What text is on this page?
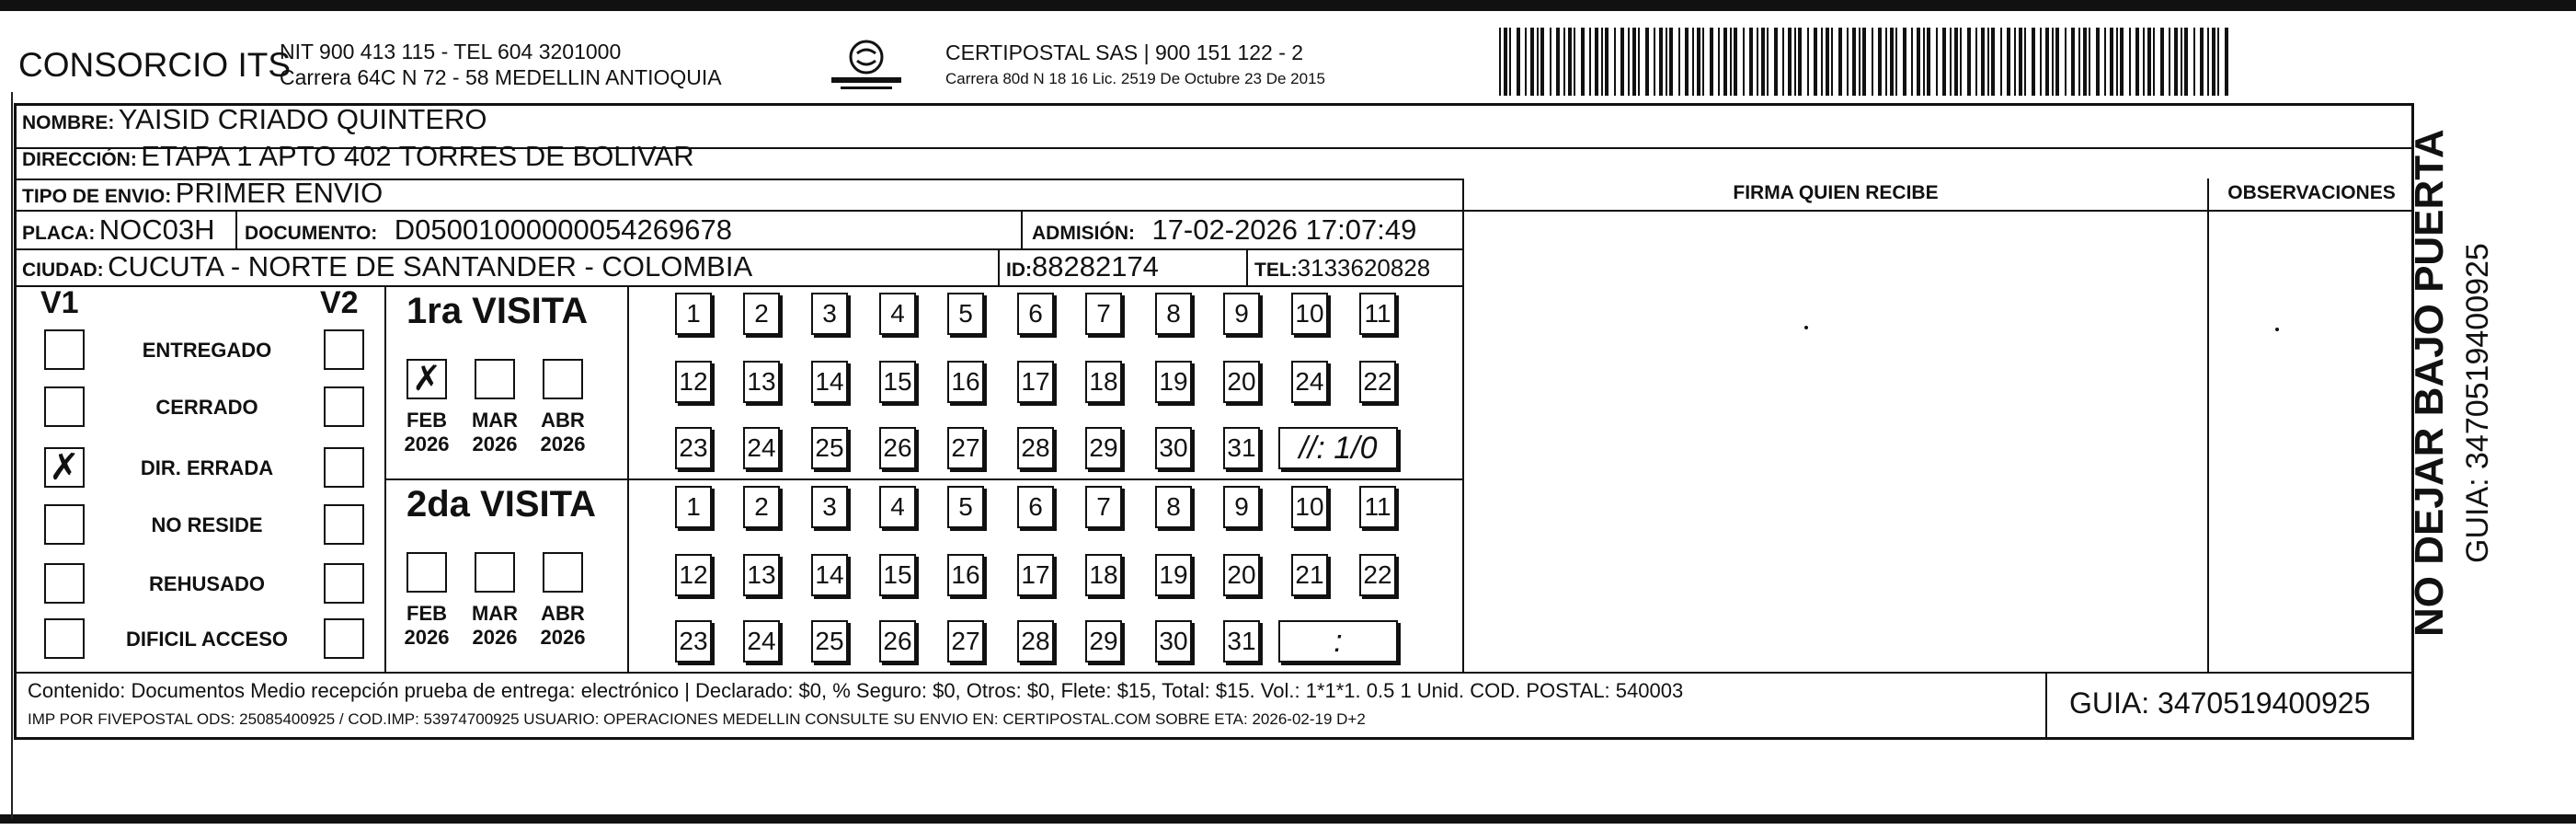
CONSORCIO ITS
NIT 900 413 115 - TEL 604 3201000
Carrera 64C N 72 - 58 MEDELLIN ANTIOQUIA
CERTIPOSTAL SAS | 900 151 122 - 2
Carrera 80d N 18 16 Lic. 2519 De Octubre 23 De 2015
NOMBRE: YAISID CRIADO QUINTERO
DIRECCIÓN: ETAPA 1 APTO 402 TORRES DE BOLIVAR
TIPO DE ENVIO: PRIMER ENVIO	FIRMA QUIEN RECIBE	OBSERVACIONES
PLACA: NOC03H DOCUMENTO: D05001000000054269678	ADMISIÓN: 17-02-2026 17:07:49
CIUDAD: CUCUTA - NORTE DE SANTANDER - COLOMBIA	ID:88282174	TEL:3133620828
V1	V2
ENTREGADO
CERRADO
✗	DIR. ERRADA
NO RESIDE
REHUSADO
DIFICIL ACCESO
1ra VISITA
✗
FEB
2026
MAR
2026
ABR
2026
1	2	3	4	5	6	7	8	9	10 11
12 13 14 15 16 17 18 19 20 24 22
23 24 25 26 27 28 29 30 31	//: 1/0
2da VISITA
FEB
2026
MAR
2026
ABR
2026
1	2	3	4	5	6	7	8	9	10 11
12 13 14 15 16 17 18 19 20 21 22
23 24 25 26 27 28 29 30 31	:
Contenido: Documentos Medio recepción prueba de entrega: electrónico | Declarado: $0, % Seguro: $0, Otros: $0, Flete: $15, Total: $15. Vol.: 1*1*1. 0.5 1 Unid. COD. POSTAL: 540003
IMP POR FIVEPOSTAL ODS: 25085400925 / COD.IMP: 53974700925 USUARIO: OPERACIONES MEDELLIN CONSULTE SU ENVIO EN: CERTIPOSTAL.COM SOBRE ETA: 2026-02-19 D+2	GUIA: 3470519400925
NO DEJAR BAJO PUERTA GUIA: 3470519400925
